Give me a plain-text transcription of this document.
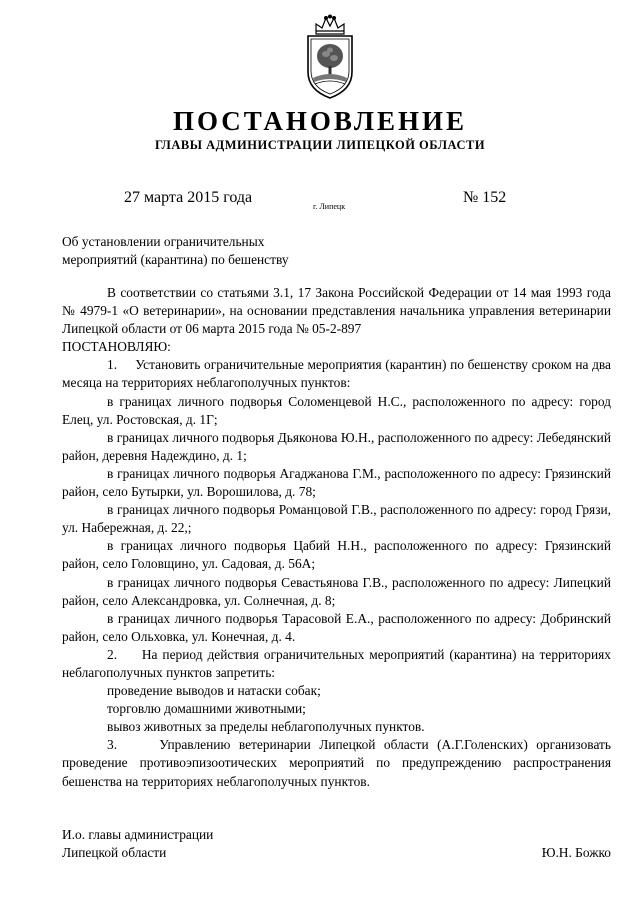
ПОСТАНОВЛЕНИЕ
ГЛАВЫ АДМИНИСТРАЦИИ ЛИПЕЦКОЙ ОБЛАСТИ
27 марта 2015 года
г. Липецк
№ 152
Об установлении ограничительных
мероприятий (карантина) по бешенству

В соответствии со статьями 3.1, 17 Закона Российской Федерации от 14 мая 1993 года № 4979-1 «О ветеринарии», на основании представления начальника управления ветеринарии Липецкой области от 06 марта 2015 года № 05-2-897

ПОСТАНОВЛЯЮ:

1.     Установить ограничительные мероприятия (карантин) по бешенству сроком на два месяца на территориях неблагополучных пунктов:

в границах личного подворья Соломенцевой Н.С., расположенного по адресу: город Елец, ул. Ростовская, д. 1Г;

в границах личного подворья Дьяконова Ю.Н., расположенного по адресу: Лебедянский район, деревня Надеждино, д. 1;

в границах личного подворья Агаджанова Г.М., расположенного по адресу: Грязинский район, село Бутырки, ул. Ворошилова, д. 78;

в границах личного подворья Романцовой Г.В., расположенного по адресу: город Грязи, ул. Набережная, д. 22,;

в границах личного подворья Цабий Н.Н., расположенного по адресу: Грязинский район, село Головщино, ул. Садовая, д. 56А;

в границах личного подворья Севастьянова Г.В., расположенного по адресу: Липецкий район, село Александровка, ул. Солнечная, д. 8;

в границах личного подворья Тарасовой Е.А., расположенного по адресу: Добринский район, село Ольховка, ул. Конечная, д. 4.

2.     На период действия ограничительных мероприятий (карантина) на территориях неблагополучных пунктов запретить:

проведение выводов и натаски собак;

торговлю домашними животными;

вывоз животных за пределы неблагополучных пунктов.

3.     Управлению ветеринарии Липецкой области (А.Г.Голенских) организовать проведение противоэпизоотических мероприятий по предупреждению распространения бешенства на территориях неблагополучных пунктов.

И.о. главы администрации
Липецкой области	Ю.Н. Божко
